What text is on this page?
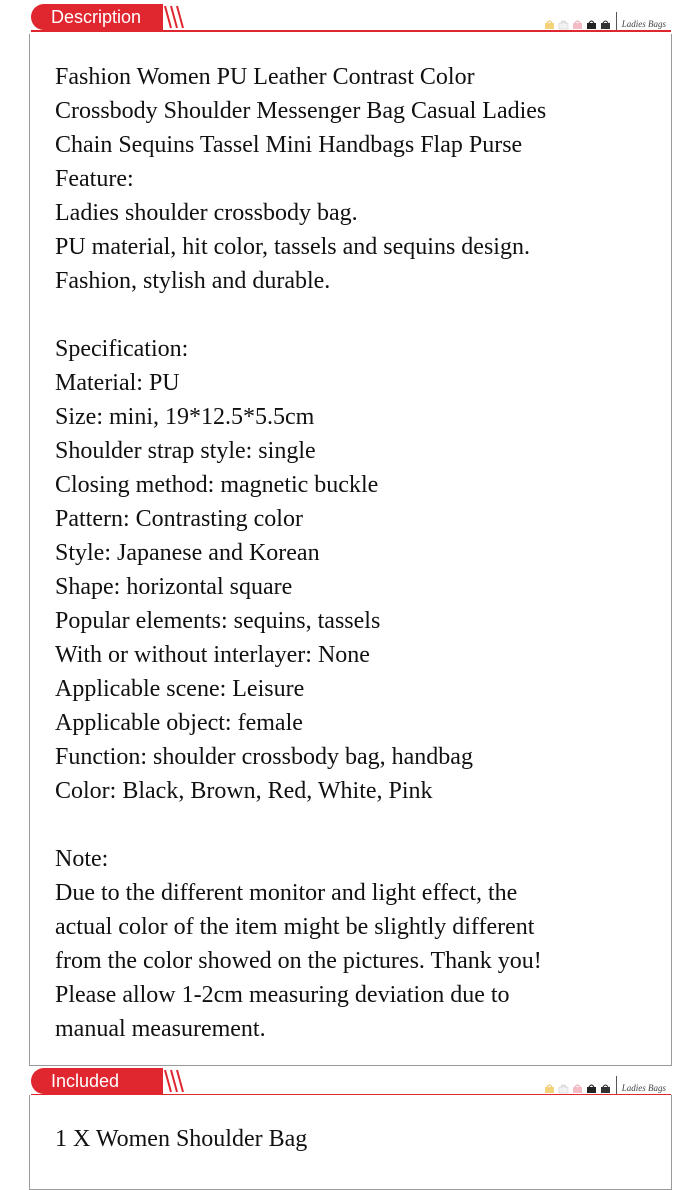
Description	Ladies Bags
Fashion Women PU Leather Contrast Color
Crossbody Shoulder Messenger Bag Casual Ladies
Chain Sequins Tassel Mini Handbags Flap Purse
Feature:
Ladies shoulder crossbody bag.
PU material, hit color, tassels and sequins design.
Fashion, stylish and durable.
Specification:
Material: PU
Size: mini, 19*12.5*5.5cm
Shoulder strap style: single
Closing method: magnetic buckle
Pattern: Contrasting color
Style: Japanese and Korean
Shape: horizontal square
Popular elements: sequins, tassels
With or without interlayer: None
Applicable scene: Leisure
Applicable object: female
Function: shoulder crossbody bag, handbag
Color: Black, Brown, Red, White, Pink
Note:
Due to the different monitor and light effect, the
actual color of the item might be slightly different
from the color showed on the pictures. Thank you!
Please allow 1-2cm measuring deviation due to
manual measurement.
Included	Ladies Bags
1 X Women Shoulder Bag
